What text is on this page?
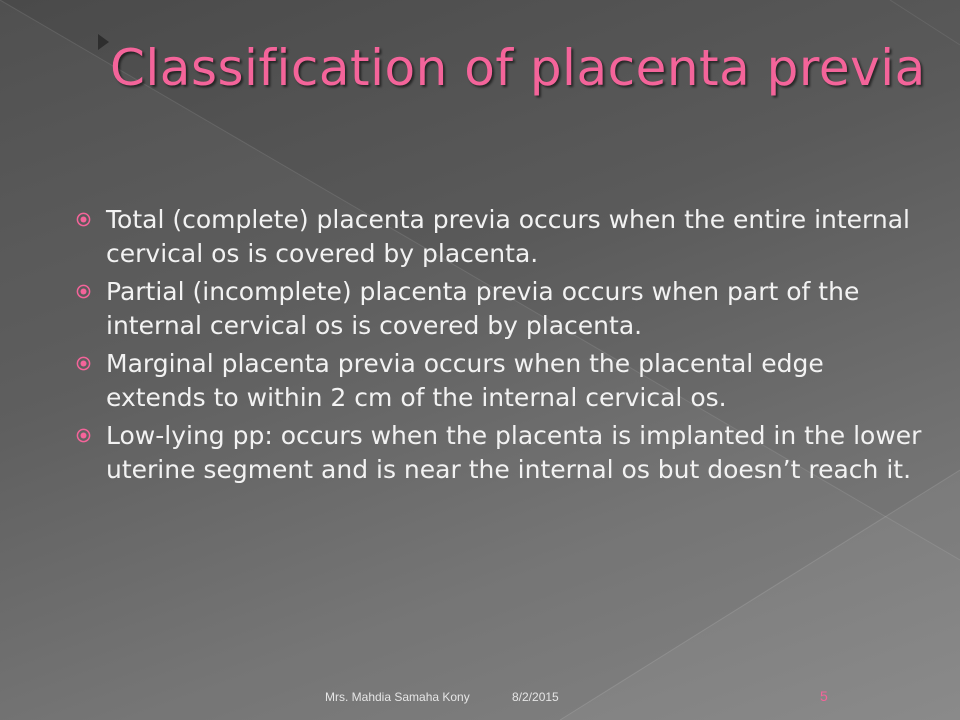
Classification of placenta previa
Total (complete) placenta previa occurs when the entire internal cervical os is covered by placenta.
Partial (incomplete) placenta previa occurs when part of the internal cervical os is covered by placenta.
Marginal placenta previa occurs when the placental edge extends to within 2 cm of the internal cervical os.
Low-lying pp: occurs when the placenta is implanted in the lower uterine segment and is near the internal os but doesn’t reach it.
Mrs. Mahdia Samaha Kony	8/2/2015	5
